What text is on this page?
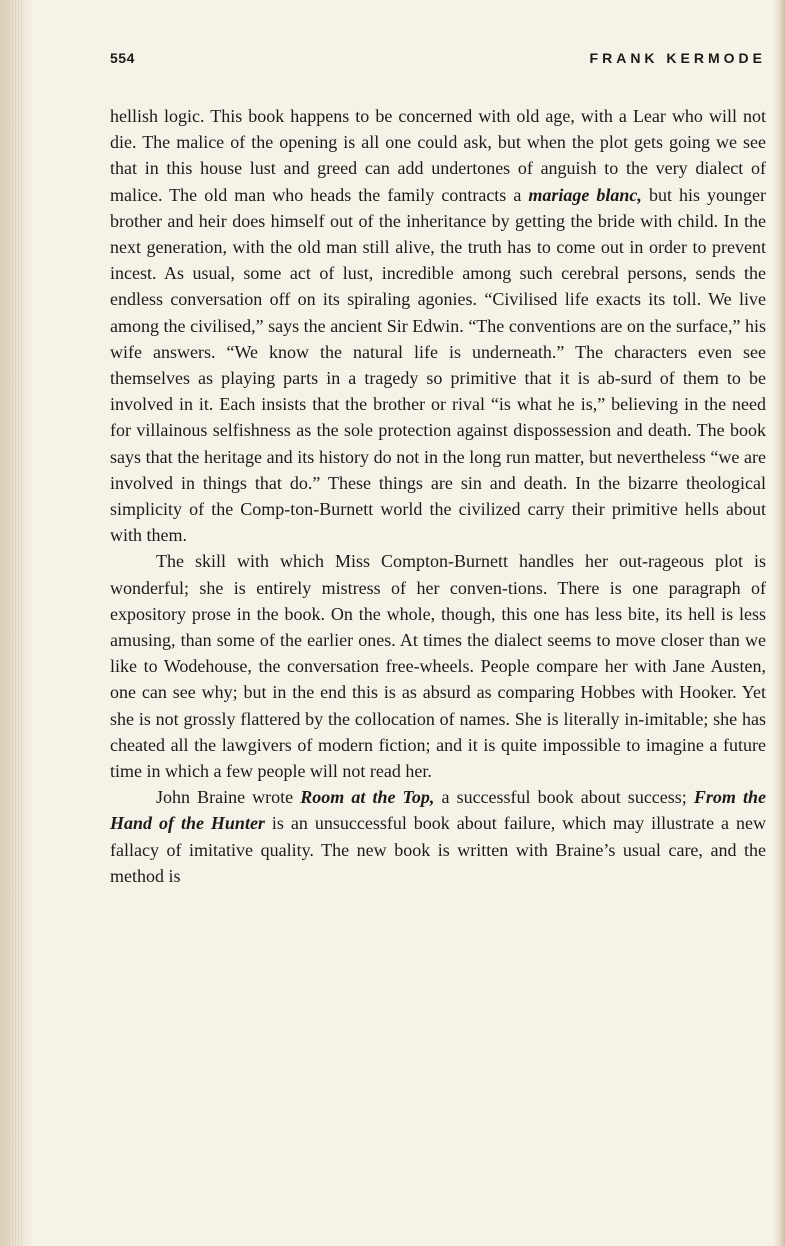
554	FRANK KERMODE

hellish logic. This book happens to be concerned with old age, with a Lear who will not die. The malice of the opening is all one could ask, but when the plot gets going we see that in this house lust and greed can add undertones of anguish to the very dialect of malice. The old man who heads the family contracts a mariage blanc, but his younger brother and heir does himself out of the inheritance by getting the bride with child. In the next generation, with the old man still alive, the truth has to come out in order to prevent incest. As usual, some act of lust, incredible among such cerebral persons, sends the endless conversation off on its spiraling agonies. “Civilised life exacts its toll. We live among the civilised,” says the ancient Sir Edwin. “The conventions are on the surface,” his wife answers. “We know the natural life is underneath.” The characters even see themselves as playing parts in a tragedy so primitive that it is ab-surd of them to be involved in it. Each insists that the brother or rival “is what he is,” believing in the need for villainous selfishness as the sole protection against dispossession and death. The book says that the heritage and its history do not in the long run matter, but nevertheless “we are involved in things that do.” These things are sin and death. In the bizarre theological simplicity of the Comp-ton-Burnett world the civilized carry their primitive hells about with them.

The skill with which Miss Compton-Burnett handles her out-rageous plot is wonderful; she is entirely mistress of her conven-tions. There is one paragraph of expository prose in the book. On the whole, though, this one has less bite, its hell is less amusing, than some of the earlier ones. At times the dialect seems to move closer than we like to Wodehouse, the conversation free-wheels. People compare her with Jane Austen, one can see why; but in the end this is as absurd as comparing Hobbes with Hooker. Yet she is not grossly flattered by the collocation of names. She is literally in-imitable; she has cheated all the lawgivers of modern fiction; and it is quite impossible to imagine a future time in which a few people will not read her.

John Braine wrote Room at the Top, a successful book about success; From the Hand of the Hunter is an unsuccessful book about failure, which may illustrate a new fallacy of imitative quality. The new book is written with Braine’s usual care, and the method is
